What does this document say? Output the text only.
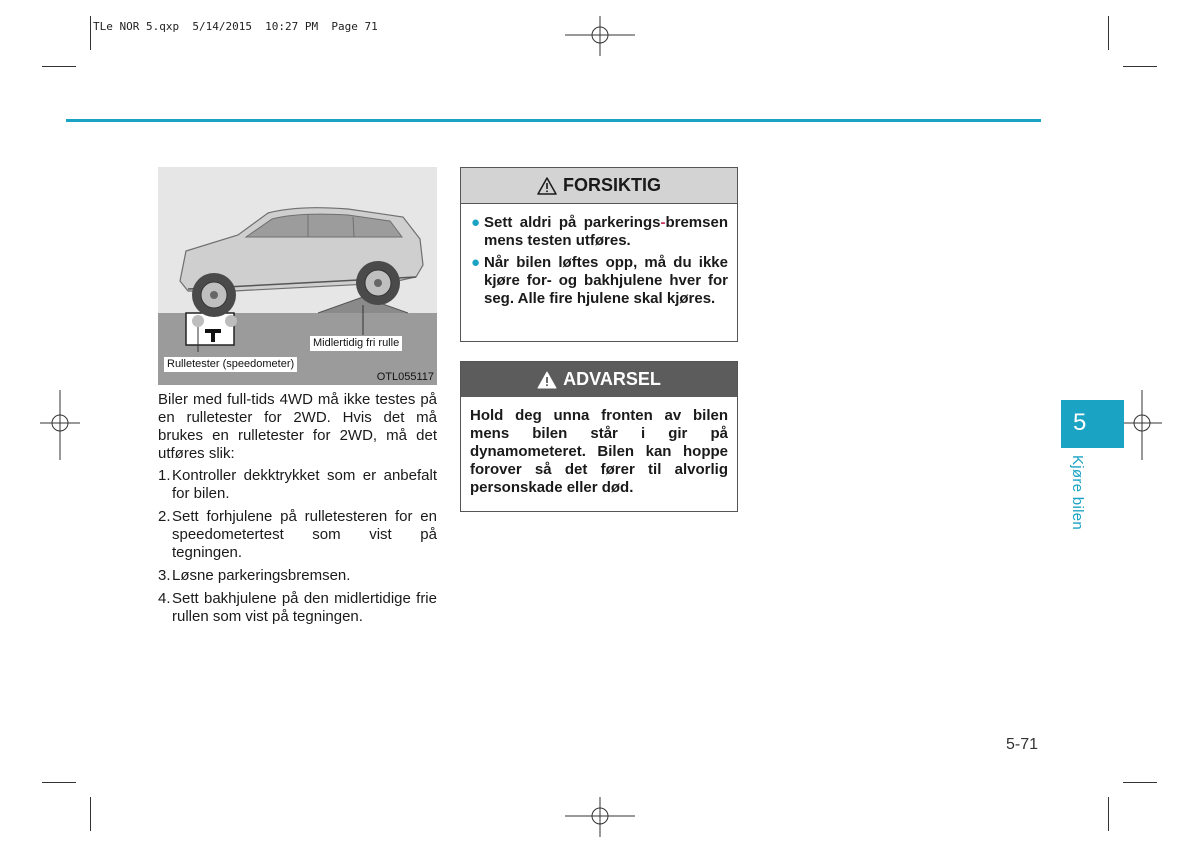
TLe NOR 5.qxp  5/14/2015  10:27 PM  Page 71
Midlertidig fri rulle
Rulletester (speedometer)
OTL055117
Biler med full-tids 4WD må ikke testes på en rulletester for 2WD. Hvis det må brukes en rulletester for 2WD, må det utføres slik:
1. Kontroller dekktrykket som er anbefalt for bilen.
2. Sett forhjulene på rulletesteren for en speedometertest som vist på tegningen.
3. Løsne parkeringsbremsen.
4. Sett bakhjulene på den midlertidige frie rullen som vist på tegningen.
FORSIKTIG
● Sett aldri på parkerings-bremsen mens testen utføres.
● Når bilen løftes opp, må du ikke kjøre for- og bakhjulene hver for seg. Alle fire hjulene skal kjøres.
ADVARSEL
Hold deg unna fronten av bilen mens bilen står i gir på dynamometeret. Bilen kan hoppe forover så det fører til alvorlig personskade eller død.
5
Kjøre bilen
5-71
